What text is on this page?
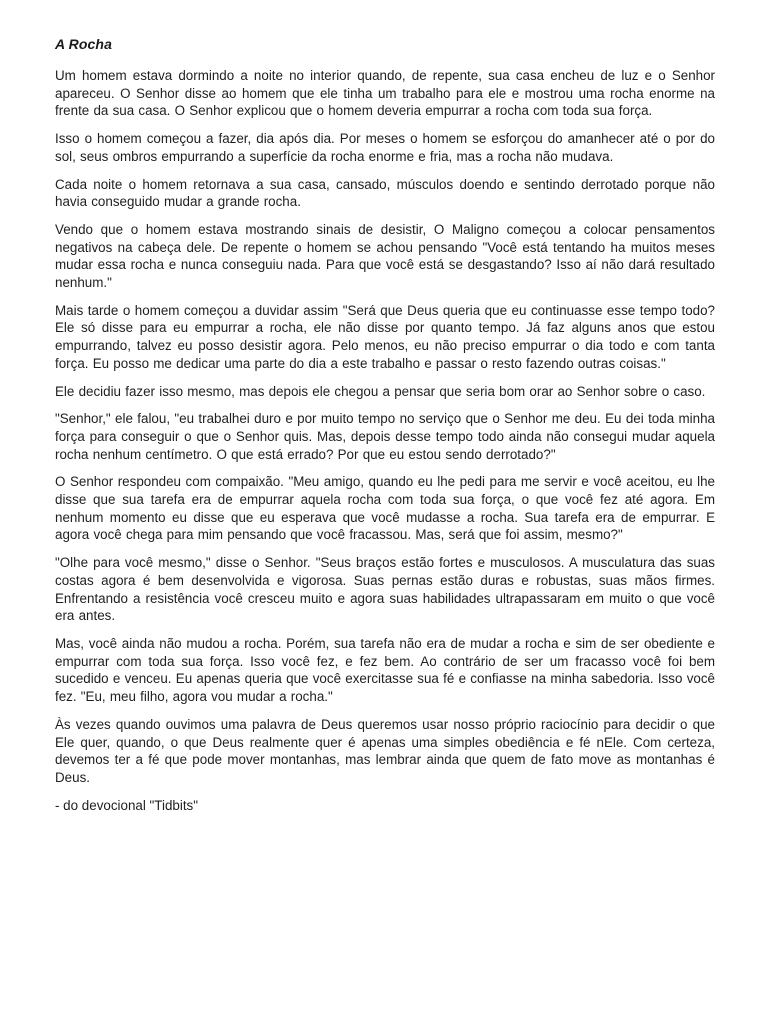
A Rocha

Um homem estava dormindo a noite no interior quando, de repente, sua casa encheu de luz e o Senhor apareceu. O Senhor disse ao homem que ele tinha um trabalho para ele e mostrou uma rocha enorme na frente da sua casa. O Senhor explicou que o homem deveria empurrar a rocha com toda sua força.

Isso o homem começou a fazer, dia após dia. Por meses o homem se esforçou do amanhecer até o por do sol, seus ombros empurrando a superfície da rocha enorme e fria, mas a rocha não mudava.

Cada noite o homem retornava a sua casa, cansado, músculos doendo e sentindo derrotado porque não havia conseguido mudar a grande rocha.

Vendo que o homem estava mostrando sinais de desistir, O Maligno começou a colocar pensamentos negativos na cabeça dele. De repente o homem se achou pensando "Você está tentando ha muitos meses mudar essa rocha e nunca conseguiu nada. Para que você está se desgastando? Isso aí não dará resultado nenhum."

Mais tarde o homem começou a duvidar assim "Será que Deus queria que eu continuasse esse tempo todo? Ele só disse para eu empurrar a rocha, ele não disse por quanto tempo. Já faz alguns anos que estou empurrando, talvez eu posso desistir agora. Pelo menos, eu não preciso empurrar o dia todo e com tanta força. Eu posso me dedicar uma parte do dia a este trabalho e passar o resto fazendo outras coisas."

Ele decidiu fazer isso mesmo, mas depois ele chegou a pensar que seria bom orar ao Senhor sobre o caso.

"Senhor," ele falou, "eu trabalhei duro e por muito tempo no serviço que o Senhor me deu. Eu dei toda minha força para conseguir o que o Senhor quis. Mas, depois desse tempo todo ainda não consegui mudar aquela rocha nenhum centímetro. O que está errado? Por que eu estou sendo derrotado?"

O Senhor respondeu com compaixão. "Meu amigo, quando eu lhe pedi para me servir e você aceitou, eu lhe disse que sua tarefa era de empurrar aquela rocha com toda sua força, o que você fez até agora. Em nenhum momento eu disse que eu esperava que você mudasse a rocha. Sua tarefa era de empurrar. E agora você chega para mim pensando que você fracassou. Mas, será que foi assim, mesmo?"

"Olhe para você mesmo," disse o Senhor. "Seus braços estão fortes e musculosos. A musculatura das suas costas agora é bem desenvolvida e vigorosa. Suas pernas estão duras e robustas, suas mãos firmes. Enfrentando a resistência você cresceu muito e agora suas habilidades ultrapassaram em muito o que você era antes.

Mas, você ainda não mudou a rocha. Porém, sua tarefa não era de mudar a rocha e sim de ser obediente e empurrar com toda sua força. Isso você fez, e fez bem. Ao contrário de ser um fracasso você foi bem sucedido e venceu. Eu apenas queria que você exercitasse sua fé e confiasse na minha sabedoria. Isso você fez. "Eu, meu filho, agora vou mudar a rocha."

Às vezes quando ouvimos uma palavra de Deus queremos usar nosso próprio raciocínio para decidir o que Ele quer, quando, o que Deus realmente quer é apenas uma simples obediência e fé nEle. Com certeza, devemos ter a fé que pode mover montanhas, mas lembrar ainda que quem de fato move as montanhas é Deus.

- do devocional "Tidbits"
